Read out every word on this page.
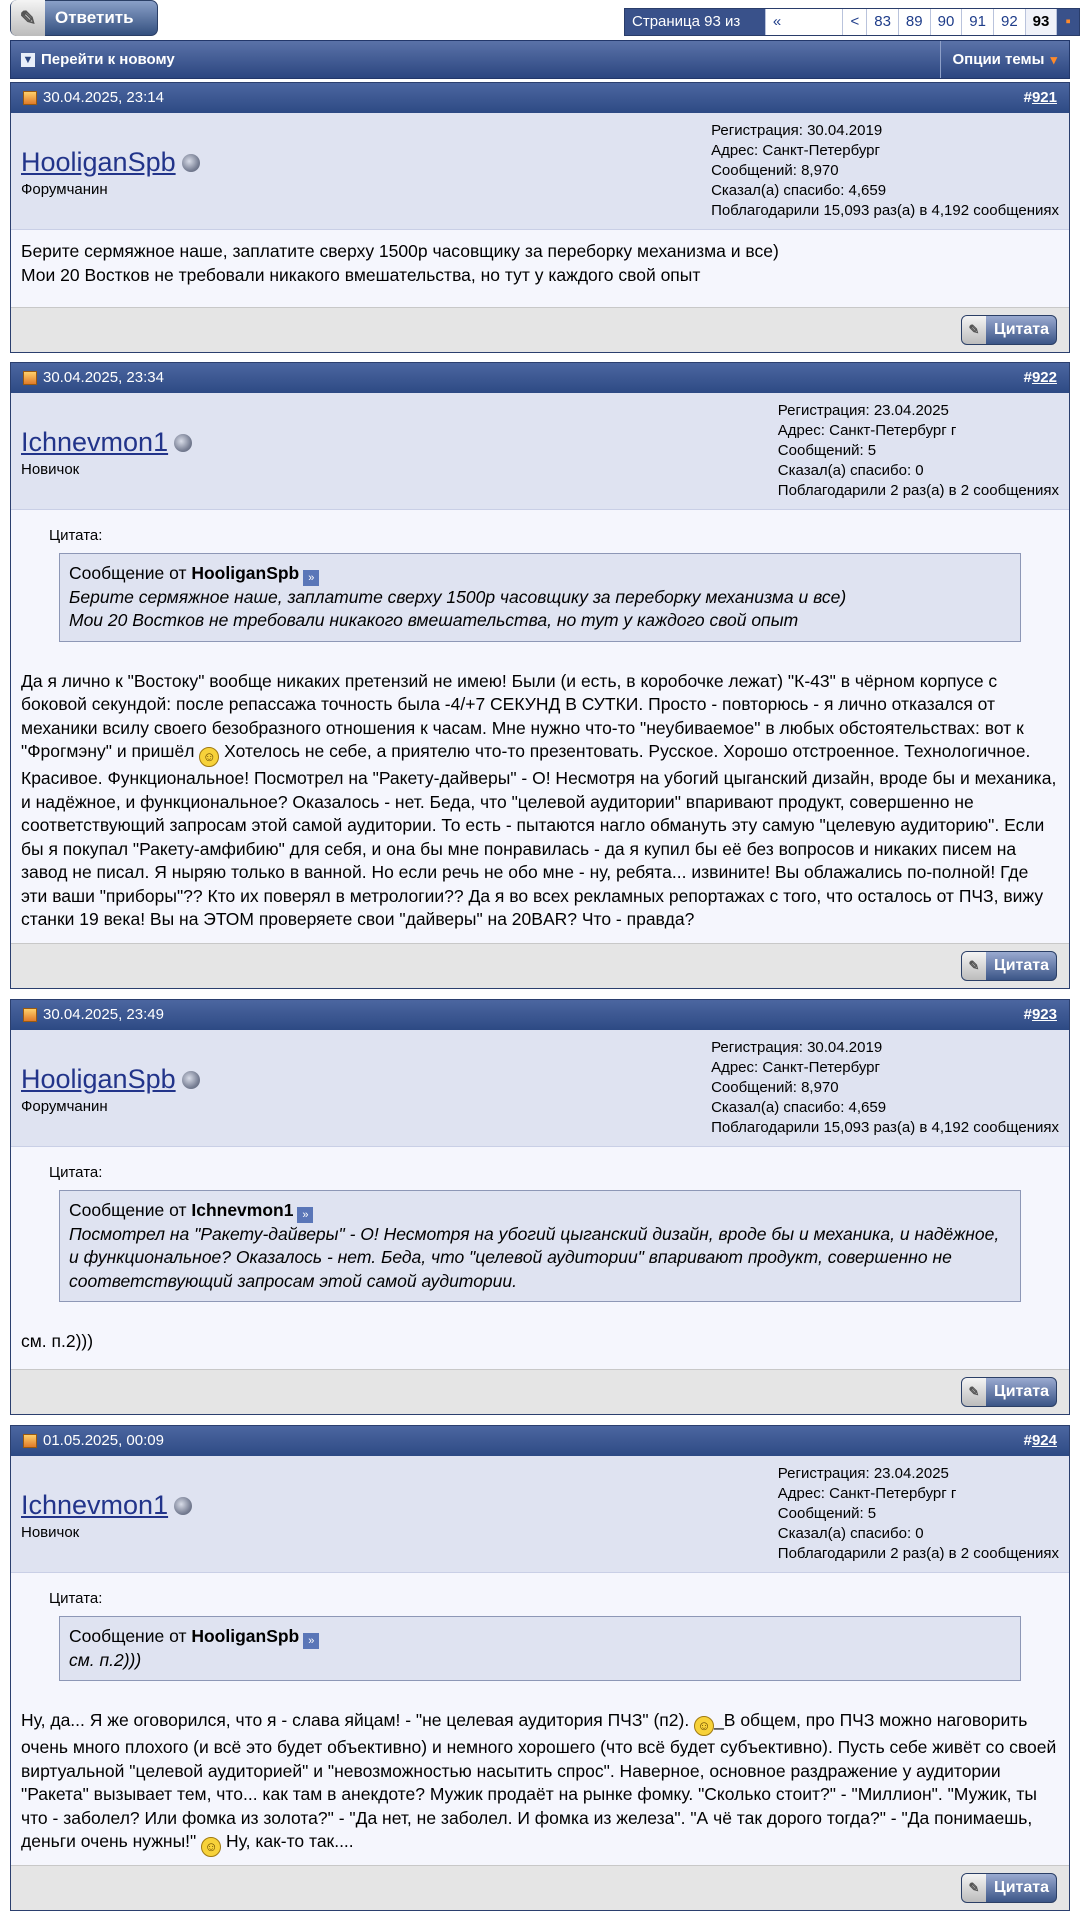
✎	Ответить	Страница 93 из	«	<	83	89	90	91	92	93	▪
▼ Перейти к новому	Опции темы ▾
30.04.2025, 23:14	#921
HooliganSpb
Форумчанин
Регистрация: 30.04.2019
Адрес: Санкт-Петербург
Сообщений: 8,970
Сказал(а) спасибо: 4,659
Поблагодарили 15,093 раз(а) в 4,192 сообщениях
Берите сермяжное наше, заплатите сверху 1500р часовщику за переборку механизма и все)
Мои 20 Востков не требовали никакого вмешательства, но тут у каждого свой опыт
✎ Цитата
30.04.2025, 23:34	#922
Ichnevmon1
Новичок
Регистрация: 23.04.2025
Адрес: Санкт-Петербург г
Сообщений: 5
Сказал(а) спасибо: 0
Поблагодарили 2 раз(а) в 2 сообщениях
Цитата:
Сообщение от HooliganSpb »
Берите сермяжное наше, заплатите сверху 1500р часовщику за переборку механизма и все)
Мои 20 Востков не требовали никакого вмешательства, но тут у каждого свой опыт
Да я лично к "Востоку" вообще никаких претензий не имею! Были (и есть, в коробочке лежат) "К-43" в чёрном корпусе с боковой секундой: после репассажа точность была -4/+7 СЕКУНД В СУТКИ. Просто - повторюсь - я лично отказался от механики всилу своего безобразного отношения к часам. Мне нужно что-то "неубиваемое" в любых обстоятельствах: вот к "Фрогмэну" и пришёл ☺ Хотелось не себе, а приятелю что-то презентовать. Русское. Хорошо отстроенное. Технологичное. Красивое. Функциональное! Посмотрел на "Ракету-дайверы" - О! Несмотря на убогий цыганский дизайн, вроде бы и механика, и надёжное, и функциональное? Оказалось - нет. Беда, что "целевой аудитории" впаривают продукт, совершенно не соответствующий запросам этой самой аудитории. То есть - пытаются нагло обмануть эту самую "целевую аудиторию". Если бы я покупал "Ракету-амфибию" для себя, и она бы мне понравилась - да я купил бы её без вопросов и никаких писем на завод не писал. Я ныряю только в ванной. Но если речь не обо мне - ну, ребята... извините! Вы облажались по-полной! Где эти ваши "приборы"?? Кто их поверял в метрологии?? Да я во всех рекламных репортажах с того, что осталось от ПЧЗ, вижу станки 19 века! Вы на ЭТОМ проверяете свои "дайверы" на 20BAR? Что - правда?
✎ Цитата
30.04.2025, 23:49	#923
HooliganSpb
Форумчанин
Регистрация: 30.04.2019
Адрес: Санкт-Петербург
Сообщений: 8,970
Сказал(а) спасибо: 4,659
Поблагодарили 15,093 раз(а) в 4,192 сообщениях
Цитата:
Сообщение от Ichnevmon1 »
Посмотрел на "Ракету-дайверы" - О! Несмотря на убогий цыганский дизайн, вроде бы и механика, и надёжное, и функциональное? Оказалось - нет. Беда, что "целевой аудитории" впаривают продукт, совершенно не соответствующий запросам этой самой аудитории.
см. п.2)))
✎ Цитата
01.05.2025, 00:09	#924
Ichnevmon1
Новичок
Регистрация: 23.04.2025
Адрес: Санкт-Петербург г
Сообщений: 5
Сказал(а) спасибо: 0
Поблагодарили 2 раз(а) в 2 сообщениях
Цитата:
Сообщение от HooliganSpb »
см. п.2)))
Ну, да... Я же оговорился, что я - слава яйцам! - "не целевая аудитория ПЧЗ" (п2). ☺ _В общем, про ПЧЗ можно наговорить очень много плохого (и всё это будет объективно) и немного хорошего (что всё будет субъективно). Пусть себе живёт со своей виртуальной "целевой аудиторией" и "невозможностью насытить спрос". Наверное, основное раздражение у аудитории "Ракета" вызывает тем, что... как там в анекдоте? Мужик продаёт на рынке фомку. "Сколько стоит?" - "Миллион". "Мужик, ты что - заболел? Или фомка из золота?" - "Да нет, не заболел. И фомка из железа". "А чё так дорого тогда?" - "Да понимаешь, деньги очень нужны!" ☺ Ну, как-то так....
✎ Цитата
